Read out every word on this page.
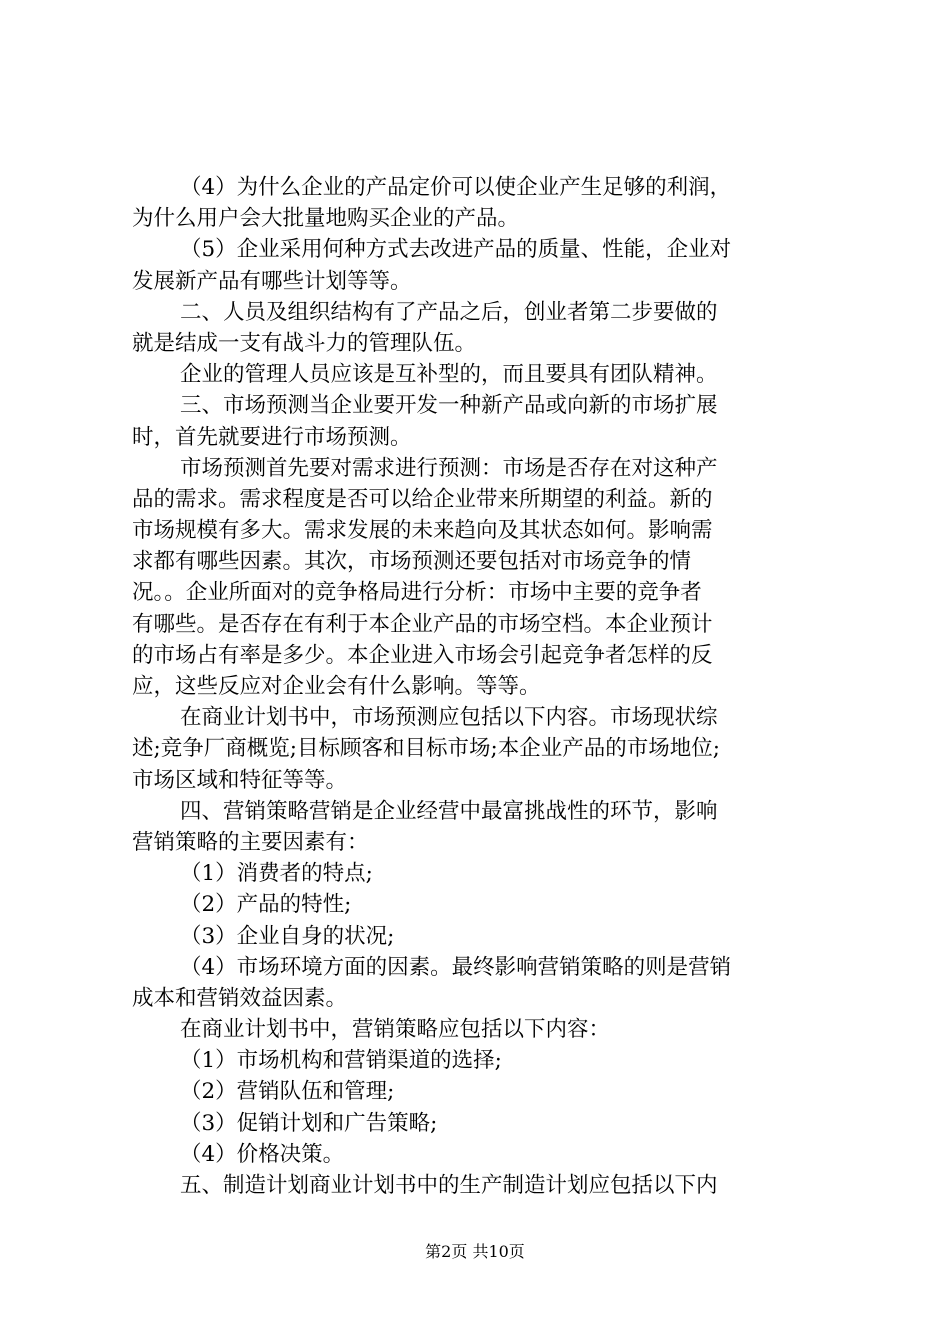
（4）为什么企业的产品定价可以使企业产生足够的利润，
为什么用户会大批量地购买企业的产品。
（5）企业采用何种方式去改进产品的质量、性能，企业对
发展新产品有哪些计划等等。
二、人员及组织结构有了产品之后，创业者第二步要做的
就是结成一支有战斗力的管理队伍。
企业的管理人员应该是互补型的，而且要具有团队精神。
三、市场预测当企业要开发一种新产品或向新的市场扩展
时，首先就要进行市场预测。
市场预测首先要对需求进行预测：市场是否存在对这种产
品的需求。需求程度是否可以给企业带来所期望的利益。新的
市场规模有多大。需求发展的未来趋向及其状态如何。影响需
求都有哪些因素。其次，市场预测还要包括对市场竞争的情
况。。企业所面对的竞争格局进行分析：市场中主要的竞争者
有哪些。是否存在有利于本企业产品的市场空档。本企业预计
的市场占有率是多少。本企业进入市场会引起竞争者怎样的反
应，这些反应对企业会有什么影响。等等。
在商业计划书中，市场预测应包括以下内容。市场现状综
述;竞争厂商概览;目标顾客和目标市场;本企业产品的市场地位;
市场区域和特征等等。
四、营销策略营销是企业经营中最富挑战性的环节，影响
营销策略的主要因素有：
（1）消费者的特点;
（2）产品的特性;
（3）企业自身的状况;
（4）市场环境方面的因素。最终影响营销策略的则是营销
成本和营销效益因素。
在商业计划书中，营销策略应包括以下内容：
（1）市场机构和营销渠道的选择;
（2）营销队伍和管理;
（3）促销计划和广告策略;
（4）价格决策。
五、制造计划商业计划书中的生产制造计划应包括以下内
第2页 共10页
